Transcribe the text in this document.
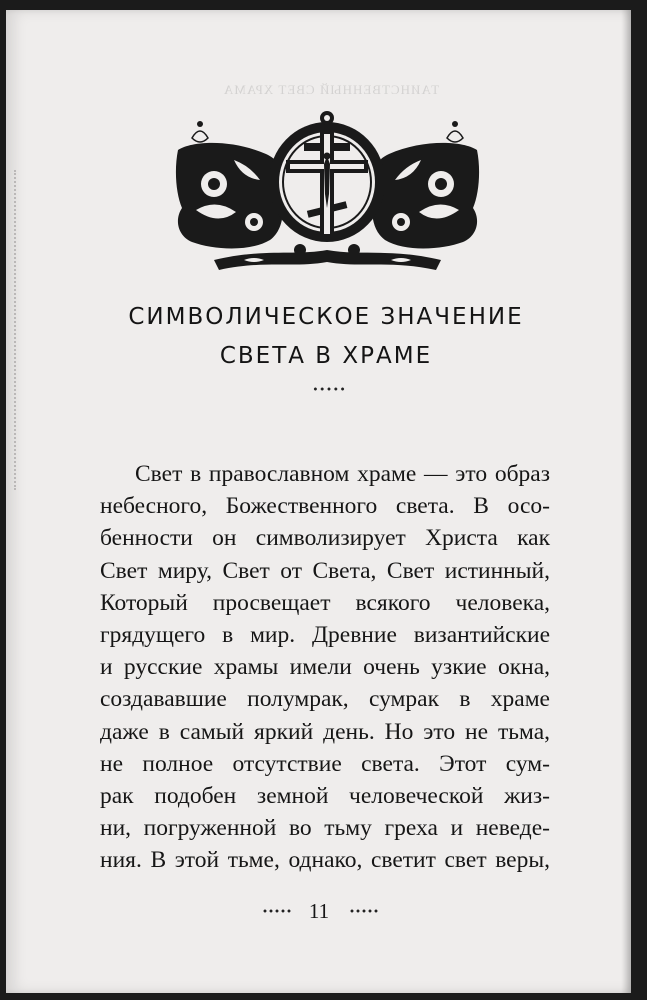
ТАИНСТВЕННЫЙ СВЕТ ХРАМА
СИМВОЛИЧЕСКОЕ ЗНАЧЕНИЕ
СВЕТА В ХРАМЕ
Свет в православном храме — это образ
небесного, Божественного света. В осо-
бенности он символизирует Христа как
Свет миру, Свет от Света, Свет истинный,
Который просвещает всякого человека,
грядущего в мир. Древние византийские
и русские храмы имели очень узкие окна,
создававшие полумрак, сумрак в храме
даже в самый яркий день. Но это не тьма,
не полное отсутствие света. Этот сум-
рак подобен земной человеческой жиз-
ни, погруженной во тьму греха и неведе-
ния. В этой тьме, однако, светит свет веры,
11
